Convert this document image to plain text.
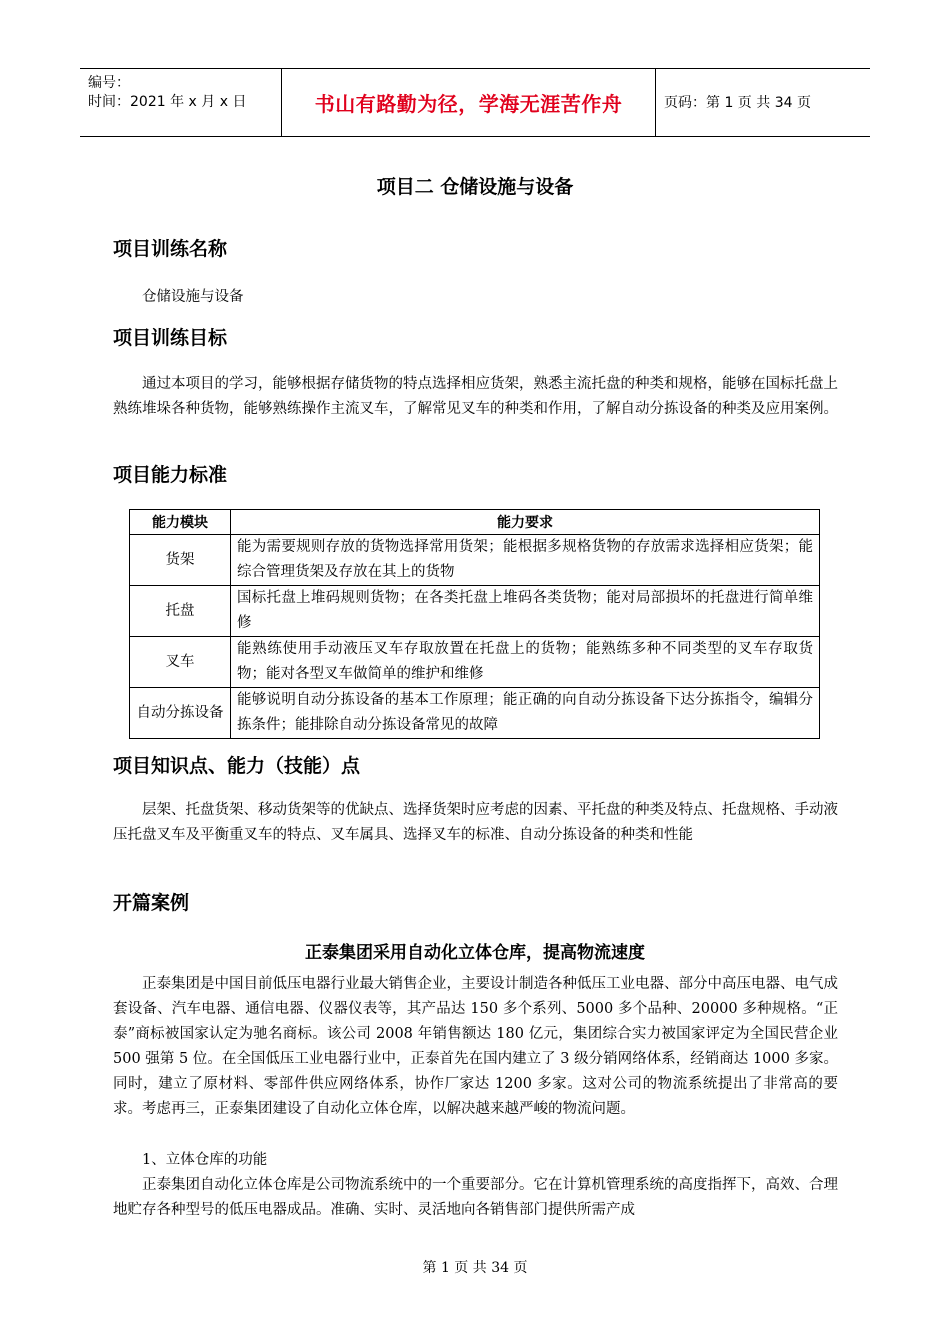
编号：
时间：2021 年 x 月 x 日	书山有路勤为径，学海无涯苦作舟	页码：第 1 页 共 34 页
项目二 仓储设施与设备
项目训练名称
仓储设施与设备
项目训练目标
通过本项目的学习，能够根据存储货物的特点选择相应货架，熟悉主流托盘的种类和规格，能够在国标托盘上熟练堆垛各种货物，能够熟练操作主流叉车，了解常见叉车的种类和作用，了解自动分拣设备的种类及应用案例。
项目能力标准
能力模块	能力要求
货架	能为需要规则存放的货物选择常用货架；能根据多规格货物的存放需求选择相应货架；能综合管理货架及存放在其上的货物
托盘	国标托盘上堆码规则货物；在各类托盘上堆码各类货物；能对局部损坏的托盘进行简单维修
叉车	能熟练使用手动液压叉车存取放置在托盘上的货物；能熟练多种不同类型的叉车存取货物；能对各型叉车做简单的维护和维修
自动分拣设备	能够说明自动分拣设备的基本工作原理；能正确的向自动分拣设备下达分拣指令，编辑分拣条件；能排除自动分拣设备常见的故障
项目知识点、能力（技能）点
层架、托盘货架、移动货架等的优缺点、选择货架时应考虑的因素、平托盘的种类及特点、托盘规格、手动液压托盘叉车及平衡重叉车的特点、叉车属具、选择叉车的标准、自动分拣设备的种类和性能
开篇案例
正泰集团采用自动化立体仓库，提高物流速度
正泰集团是中国目前低压电器行业最大销售企业，主要设计制造各种低压工业电器、部分中高压电器、电气成套设备、汽车电器、通信电器、仪器仪表等，其产品达 150 多个系列、5000 多个品种、20000 多种规格。“正泰”商标被国家认定为驰名商标。该公司 2008 年销售额达 180 亿元，集团综合实力被国家评定为全国民营企业 500 强第 5 位。在全国低压工业电器行业中，正泰首先在国内建立了 3 级分销网络体系，经销商达 1000 多家。同时，建立了原材料、零部件供应网络体系，协作厂家达 1200 多家。这对公司的物流系统提出了非常高的要求。考虑再三，正泰集团建设了自动化立体仓库，以解决越来越严峻的物流问题。
1、立体仓库的功能
正泰集团自动化立体仓库是公司物流系统中的一个重要部分。它在计算机管理系统的高度指挥下，高效、合理地贮存各种型号的低压电器成品。准确、实时、灵活地向各销售部门提供所需产成
第 1 页 共 34 页
